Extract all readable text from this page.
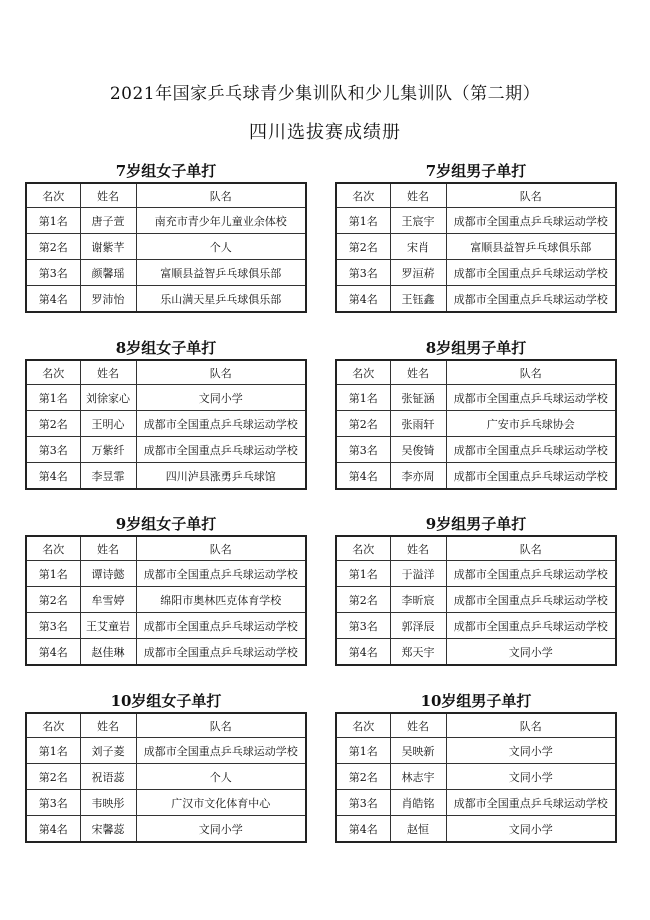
2021年国家乒乓球青少集训队和少儿集训队（第二期）
四川选拔赛成绩册
7岁组女子单打
名次	姓名	队名
第1名	唐子萱	南充市青少年儿童业余体校
第2名	谢紫芊	个人
第3名	颜馨瑶	富顺县益智乒乓球俱乐部
第4名	罗沛怡	乐山满天星乒乓球俱乐部
7岁组男子单打
名次	姓名	队名
第1名	王宸宇	成都市全国重点乒乓球运动学校
第2名	宋肖	富顺县益智乒乓球俱乐部
第3名	罗洹菥	成都市全国重点乒乓球运动学校
第4名	王钰鑫	成都市全国重点乒乓球运动学校
8岁组女子单打
名次	姓名	队名
第1名	刘徐家心	文同小学
第2名	王明心	成都市全国重点乒乓球运动学校
第3名	万紫纤	成都市全国重点乒乓球运动学校
第4名	李昱霏	四川泸县涨勇乒乓球馆
8岁组男子单打
名次	姓名	队名
第1名	张钲涵	成都市全国重点乒乓球运动学校
第2名	张雨轩	广安市乒乓球协会
第3名	吴俊锜	成都市全国重点乒乓球运动学校
第4名	李亦周	成都市全国重点乒乓球运动学校
9岁组女子单打
名次	姓名	队名
第1名	谭诗懿	成都市全国重点乒乓球运动学校
第2名	牟雪婷	绵阳市奥林匹克体育学校
第3名	王艾童岩	成都市全国重点乒乓球运动学校
第4名	赵佳琳	成都市全国重点乒乓球运动学校
9岁组男子单打
名次	姓名	队名
第1名	于溢洋	成都市全国重点乒乓球运动学校
第2名	李昕宸	成都市全国重点乒乓球运动学校
第3名	郭泽辰	成都市全国重点乒乓球运动学校
第4名	郑天宇	文同小学
10岁组女子单打
名次	姓名	队名
第1名	刘子菱	成都市全国重点乒乓球运动学校
第2名	祝语蕊	个人
第3名	韦映彤	广汉市文化体育中心
第4名	宋馨蕊	文同小学
10岁组男子单打
名次	姓名	队名
第1名	吴映新	文同小学
第2名	林志宇	文同小学
第3名	肖皓铭	成都市全国重点乒乓球运动学校
第4名	赵恒	文同小学
